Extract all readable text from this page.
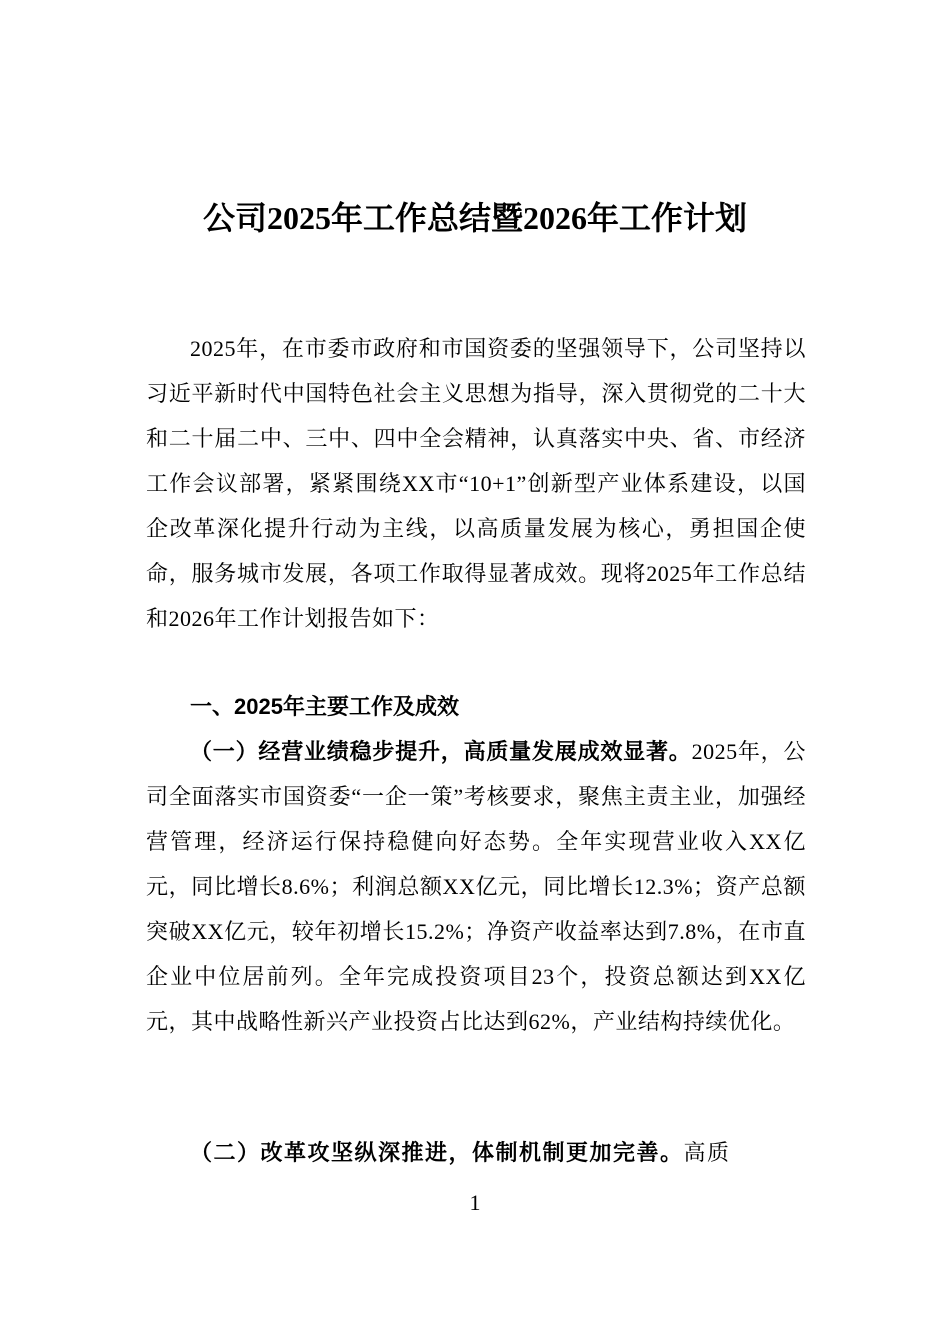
公司2025年工作总结暨2026年工作计划

2025年，在市委市政府和市国资委的坚强领导下，公司坚持以习近平新时代中国特色社会主义思想为指导，深入贯彻党的二十大和二十届二中、三中、四中全会精神，认真落实中央、省、市经济工作会议部署，紧紧围绕XX市“10+1”创新型产业体系建设，以国企改革深化提升行动为主线，以高质量发展为核心，勇担国企使命，服务城市发展，各项工作取得显著成效。现将2025年工作总结和2026年工作计划报告如下：

一、2025年主要工作及成效

（一）经营业绩稳步提升，高质量发展成效显著。2025年，公司全面落实市国资委“一企一策”考核要求，聚焦主责主业，加强经营管理，经济运行保持稳健向好态势。全年实现营业收入XX亿元，同比增长8.6%；利润总额XX亿元，同比增长12.3%；资产总额突破XX亿元，较年初增长15.2%；净资产收益率达到7.8%，在市直企业中位居前列。全年完成投资项目23个，投资总额达到XX亿元，其中战略性新兴产业投资占比达到62%，产业结构持续优化。

（二）改革攻坚纵深推进，体制机制更加完善。高质

1
